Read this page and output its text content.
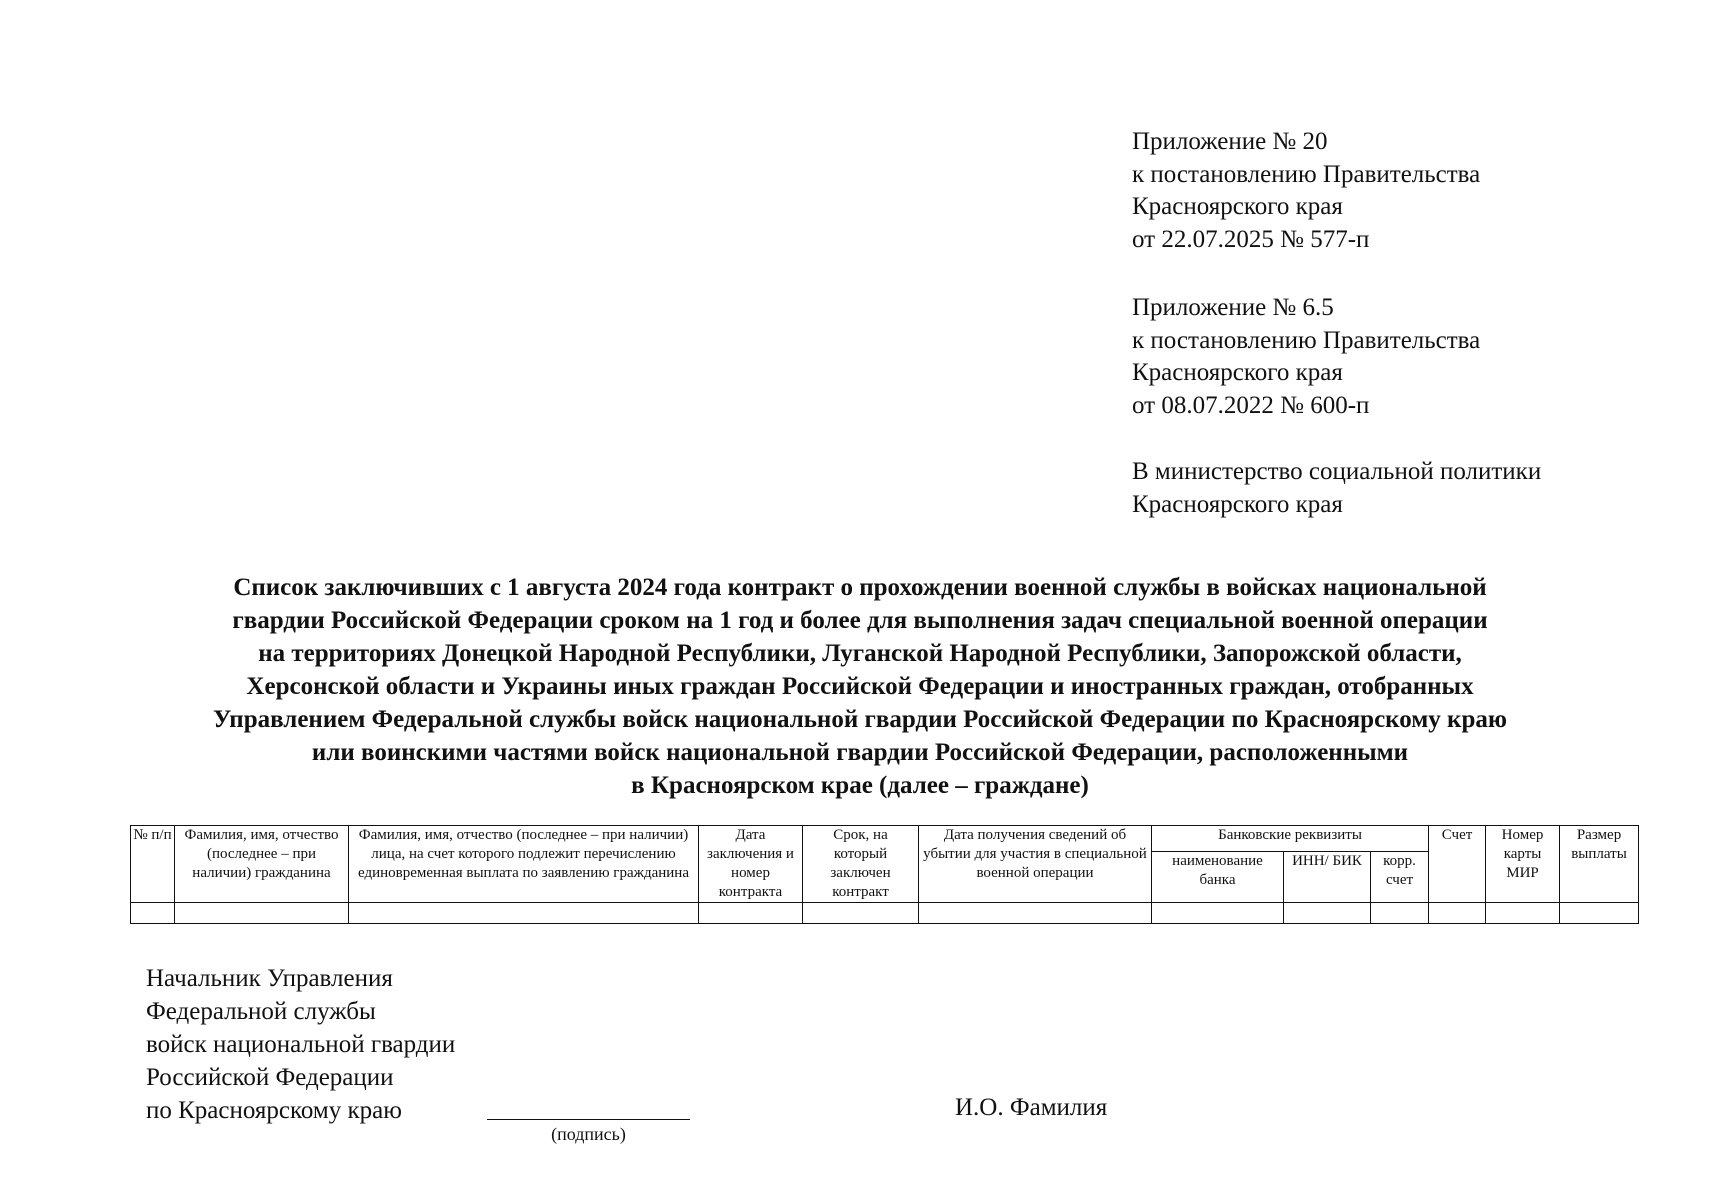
Приложение № 20
к постановлению Правительства
Красноярского края
от 22.07.2025 № 577-п
Приложение № 6.5
к постановлению Правительства
Красноярского края
от 08.07.2022 № 600-п
В министерство социальной политики
Красноярского края
Список заключивших с 1 августа 2024 года контракт о прохождении военной службы в войсках национальной
гвардии Российской Федерации сроком на 1 год и более для выполнения задач специальной военной операции
на территориях Донецкой Народной Республики, Луганской Народной Республики, Запорожской области,
Херсонской области и Украины иных граждан Российской Федерации и иностранных граждан, отобранных
Управлением Федеральной службы войск национальной гвардии Российской Федерации по Красноярскому краю
или воинскими частями войск национальной гвардии Российской Федерации, расположенными
в Красноярском крае (далее – граждане)
№ п/п	Фамилия, имя, отчество (последнее – при наличии) гражданина	Фамилия, имя, отчество (последнее – при наличии) лица, на счет которого подлежит перечислению единовременная выплата по заявлению гражданина	Дата заключения и номер контракта	Срок, на который заключен контракт	Дата получения сведений об убытии для участия в специальной военной операции	Банковские реквизиты			Счет	Номер карты МИР	Размер выплаты
						наименование банка	ИНН/ БИК	корр. счет			

Начальник Управления
Федеральной службы
войск национальной гвардии
Российской Федерации
по Красноярскому краю
(подпись)
И.О. Фамилия
